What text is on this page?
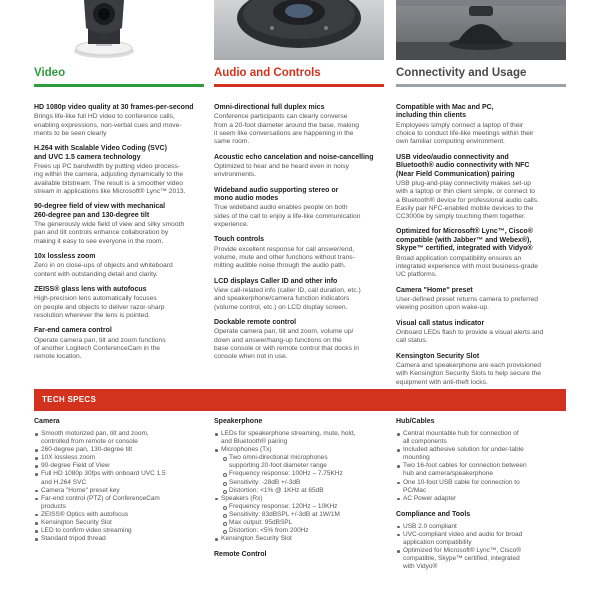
Video
HD 1080p video quality at 30 frames-per-second
Brings life-like full HD video to conference calls,
enabling expressions, non-verbal cues and move-
ments to be seen clearly
H.264 with Scalable Video Coding (SVC)
and UVC 1.5 camera technology
Frees up PC bandwidth by putting video process-
ing within the camera, adjusting dynamically to the
available bitstream. The result is a smoother video
stream in applications like Microsoft® Lync™ 2013.
90-degree field of view with mechanical
260-degree pan and 130-degree tilt
The generously wide field of view and silky smooth
pan and tilt controls enhance collaboration by
making it easy to see everyone in the room.
10x lossless zoom
Zero in on close-ups of objects and whiteboard
content with outstanding detail and clarity.
ZEISS® glass lens with autofocus
High-precision lens automatically focuses
on people and objects to deliver razor-sharp
resolution wherever the lens is pointed.
Far-end camera control
Operate camera pan, tilt and zoom functions
of another Logitech ConferenceCam in the
remote location.
Audio and Controls
Omni-directional full duplex mics
Conference participants can clearly converse
from a 20-foot diameter around the base, making
it seem like conversations are happening in the
same room.
Acoustic echo cancelation and noise-cancelling
Optimized to hear and be heard even in noisy
environments.
Wideband audio supporting stereo or
mono audio modes
True wideband audio enables people on both
sides of the call to enjoy a life-like communication
experience.
Touch controls
Provide excellent response for call answer/end,
volume, mute and other functions without trans-
mitting audible noise through the audio path.
LCD displays Caller ID and other info
View call-related info (caller ID, call duration, etc.)
and speakerphone/camera function indicators
(volume control, etc.) on LCD display screen.
Dockable remote control
Operate camera pan, tilt and zoom, volume up/
down and answer/hang-up functions on the
base console or with remote control that docks in
console when not in use.
Connectivity and Usage
Compatible with Mac and PC,
including thin clients
Employees simply connect a laptop of their
choice to conduct life-like meetings within their
own familiar computing environment.
USB video/audio connectivity and
Bluetooth® audio connectivity with NFC
(Near Field Communication) pairing
USB plug-and-play connectivity makes set-up
with a laptop or thin client simple, or connect to
a Bluetooth® device for professional audio calls.
Easily pair NFC-enabled mobile devices to the
CC3000e by simply touching them together.
Optimized for Microsoft® Lync™, Cisco®
compatible (with Jabber™ and Webex®),
Skype™ certified, integrated with Vidyo®
Broad application compatibility ensures an
integrated experience with most business-grade
UC platforms.
Camera "Home" preset
User-defined preset returns camera to preferred
viewing position upon wake-up.
Visual call status indicator
Onboard LEDs flash to provide a visual alerts and
call status.
Kensington Security Slot
Camera and speakerphone are each provisioned
with Kensington Security Slots to help secure the
equipment with anti-theft locks.
TECH SPECS
Camera
Smooth motorized pan, tilt and zoom,
controlled from remote or console
260-degree pan, 130-degree tilt
10X lossless zoom
90-degree Field of View
Full HD 1080p 30fps with onboard UVC 1.5
and H.264 SVC
Camera "Home" preset key
Far-end control (PTZ) of ConferenceCam
products
ZEISS® Optics with autofocus
Kensington Security Slot
LED to confirm video streaming
Standard tripod thread
Speakerphone
LEDs for speakerphone streaming, mute, hold,
and Bluetooth® pairing
Microphones (Tx)
Two omni-directional microphones
supporting 20-foot diameter range
Frequency response: 100Hz – 7.75KHz
Sensitivity: -28dB +/-3dB
Distortion: <1% @ 1KHz at 65dB
Speakers (Rx)
Frequency response: 120Hz – 10KHz
Sensitivity: 83dBSPL +/-3dB at 1W/1M
Max output: 95dBSPL
Distortion: <5% from 200Hz
Kensington Security Slot
Remote Control
Hub/Cables
Central mountable hub for connection of
all components
Included adhesive solution for under-table
mounting
Two 16-foot cables for connection between
hub and camera/speakerphone
One 10-foot USB cable for connection to
PC/Mac
AC Power adapter
Compliance and Tools
USB 2.0 compliant
UVC-compliant video and audio for broad
application compatibility
Optimized for Microsoft® Lync™, Cisco®
compatible, Skype™ certified, integrated
with Vidyo®
